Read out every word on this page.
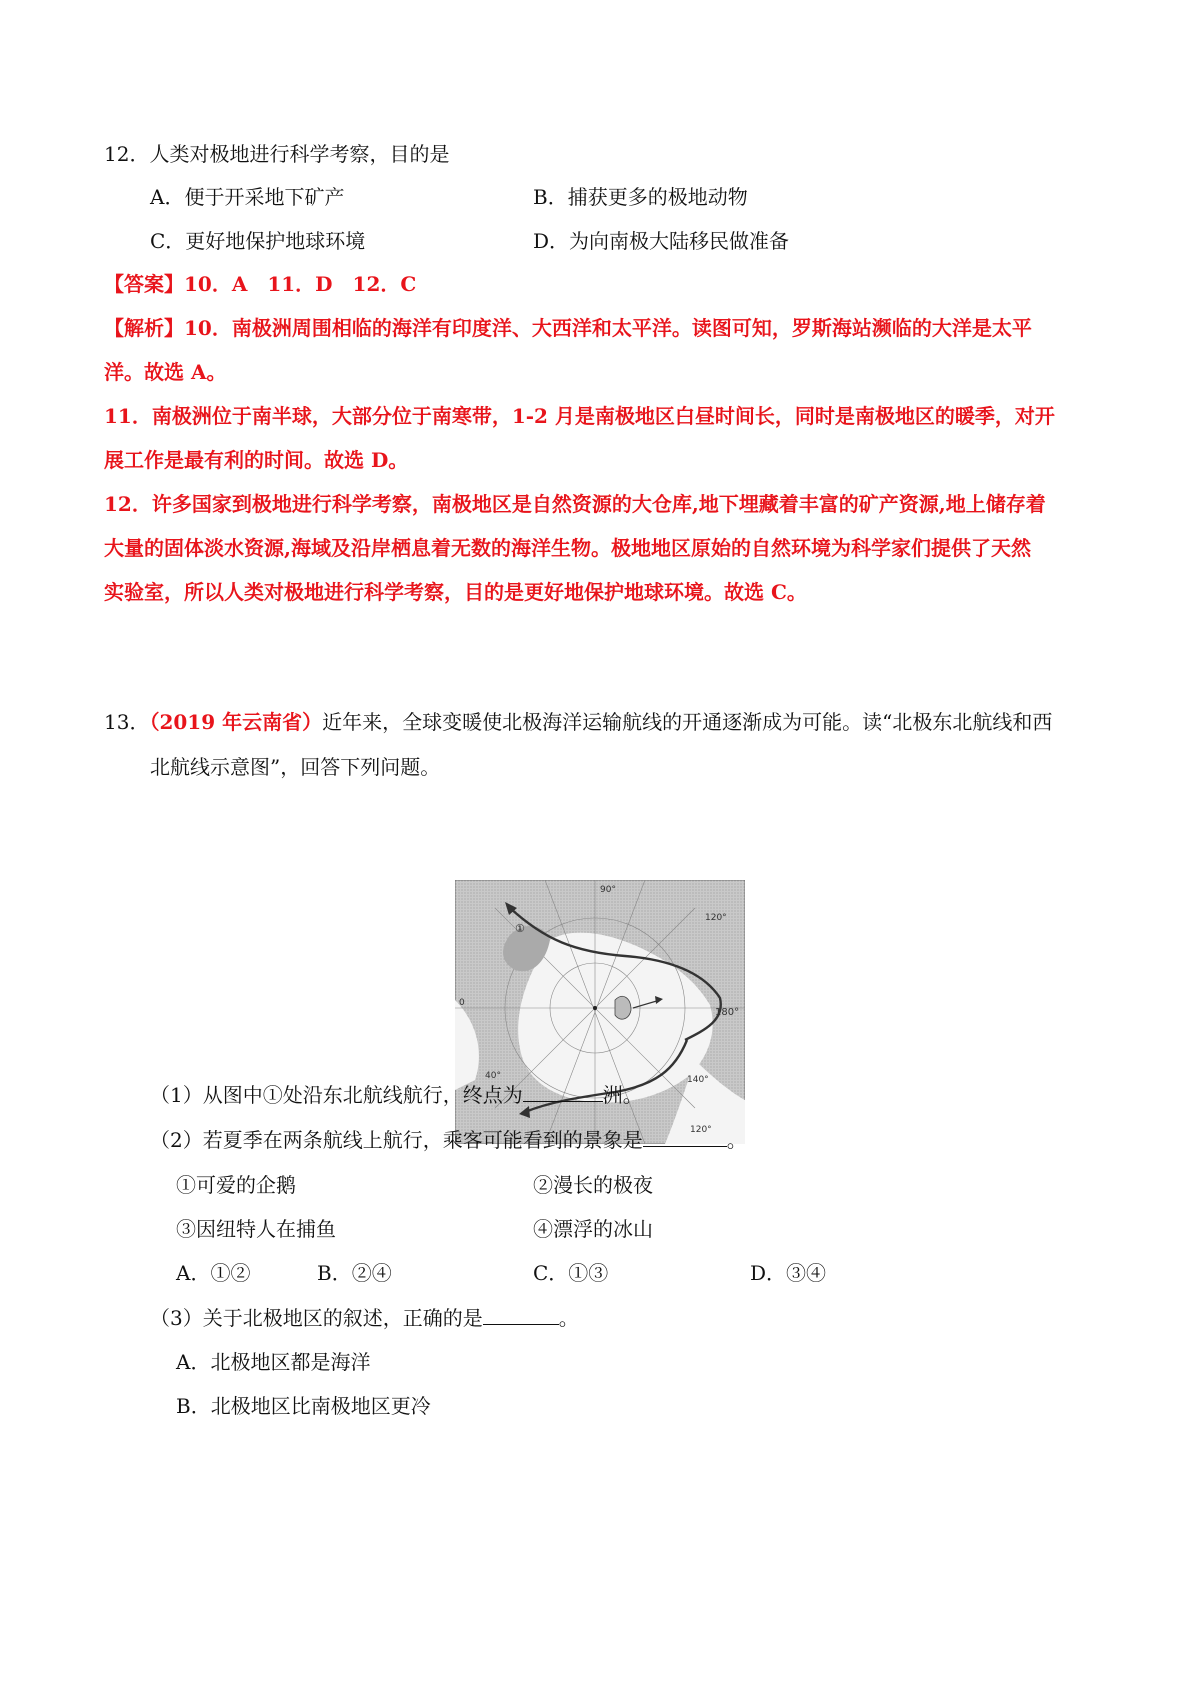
12．人类对极地进行科学考察，目的是
A．便于开采地下矿产	B．捕获更多的极地动物
C．更好地保护地球环境	D．为向南极大陆移民做准备
【答案】10．A　11．D　12．C
【解析】10．南极洲周围相临的海洋有印度洋、大西洋和太平洋。读图可知，罗斯海站濒临的大洋是太平
洋。故选 A。
11．南极洲位于南半球，大部分位于南寒带，1-2 月是南极地区白昼时间长，同时是南极地区的暖季，对开
展工作是最有利的时间。故选 D。
12．许多国家到极地进行科学考察，南极地区是自然资源的大仓库,地下埋藏着丰富的矿产资源,地上储存着
大量的固体淡水资源,海域及沿岸栖息着无数的海洋生物。极地地区原始的自然环境为科学家们提供了天然
实验室，所以人类对极地进行科学考察，目的是更好地保护地球环境。故选 C。
13．（2019 年云南省）近年来，全球变暖使北极海洋运输航线的开通逐渐成为可能。读“北极东北航线和西
北航线示意图”，回答下列问题。
90°
120°
180°
140°
120°
0
40°
①
（1）从图中①处沿东北航线航行，终点为	洲。
（2）若夏季在两条航线上航行，乘客可能看到的景象是	。
①可爱的企鹅	②漫长的极夜
③因纽特人在捕鱼	④漂浮的冰山
A．①②	B．②④	C．①③	D．③④
（3）关于北极地区的叙述，正确的是	。
A．北极地区都是海洋
B．北极地区比南极地区更冷
